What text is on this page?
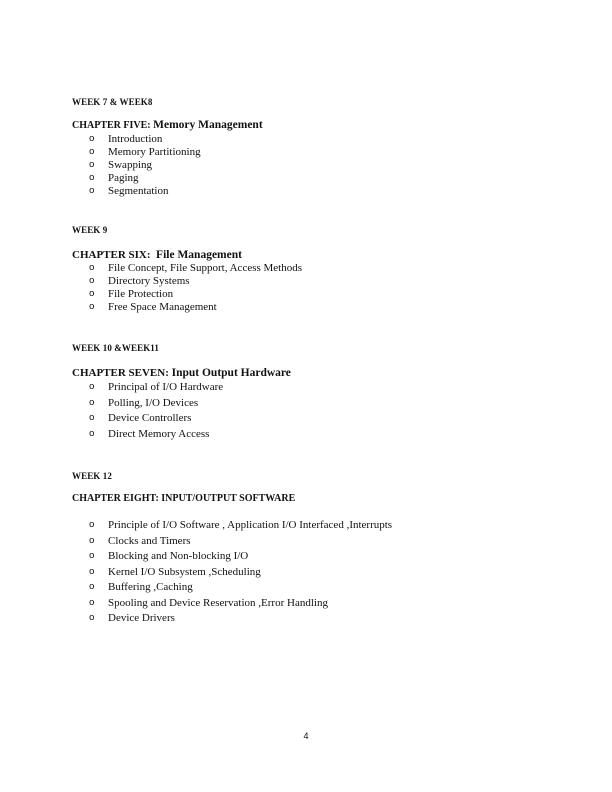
WEEK 7 & WEEK8

CHAPTER FIVE: Memory Management

o Introduction
o Memory Partitioning
o Swapping
o Paging
o Segmentation

WEEK 9

CHAPTER SIX:  File Management

o File Concept, File Support, Access Methods
o Directory Systems
o File Protection
o Free Space Management

WEEK 10 &WEEK11

CHAPTER SEVEN: Input Output Hardware

o Principal of I/O Hardware
o Polling, I/O Devices
o Device Controllers
o Direct Memory Access

WEEK 12

CHAPTER EIGHT: INPUT/OUTPUT SOFTWARE

o Principle of I/O Software , Application I/O Interfaced ,Interrupts
o Clocks and Timers
o Blocking and Non-blocking I/O
o Kernel I/O Subsystem ,Scheduling
o Buffering ,Caching
o Spooling and Device Reservation ,Error Handling
o Device Drivers
4
